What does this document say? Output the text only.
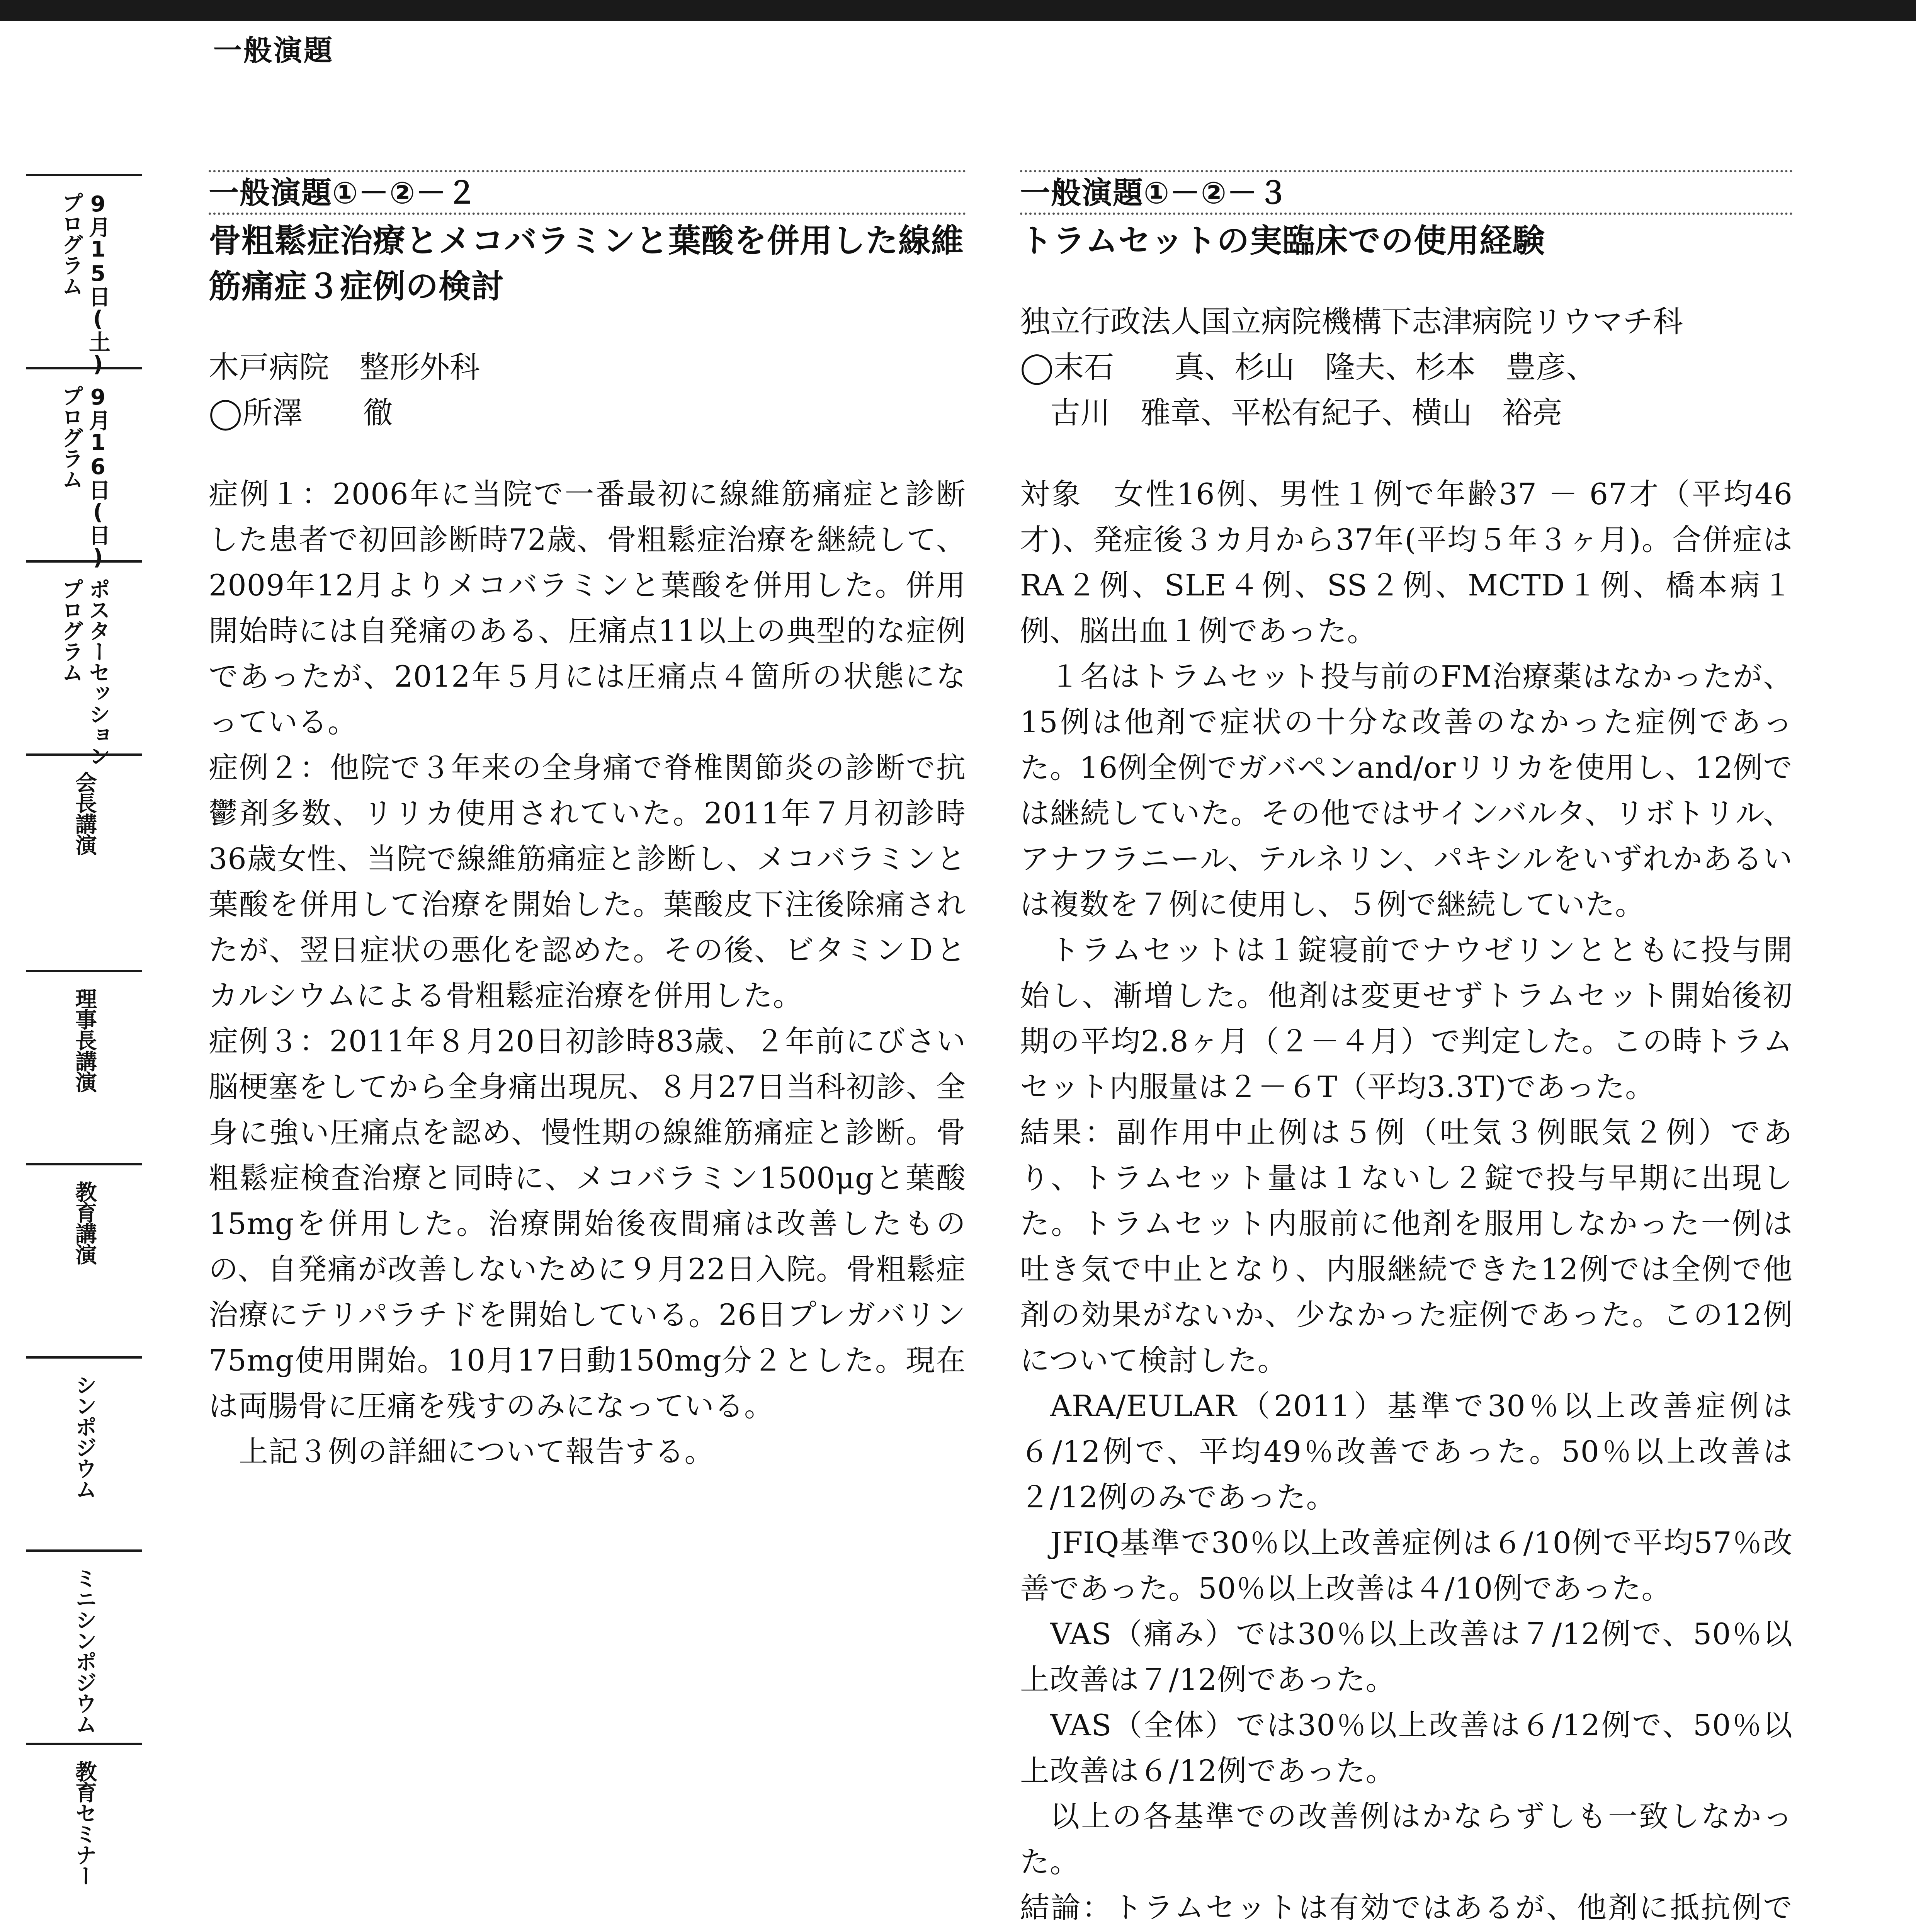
一般演題
9月15日(土)
プログラム
9月16日(日)
プログラム
ポスターセッション
プログラム
会長講演
理事長講演
教育講演
シンポジウム
ミニシンポジウム
教育セミナー
一般演題①－②－２
骨粗鬆症治療とメコバラミンと葉酸を併用した線維筋痛症３症例の検討
木戸病院　整形外科
◯所澤　　徹

症例１：2006年に当院で一番最初に線維筋痛症と診断した患者で初回診断時72歳、骨粗鬆症治療を継続して、2009年12月よりメコバラミンと葉酸を併用した。併用開始時には自発痛のある、圧痛点11以上の典型的な症例であったが、2012年５月には圧痛点４箇所の状態になっている。

症例２：他院で３年来の全身痛で脊椎関節炎の診断で抗鬱剤多数、リリカ使用されていた。2011年７月初診時36歳女性、当院で線維筋痛症と診断し、メコバラミンと葉酸を併用して治療を開始した。葉酸皮下注後除痛されたが、翌日症状の悪化を認めた。その後、ビタミンＤとカルシウムによる骨粗鬆症治療を併用した。

症例３：2011年８月20日初診時83歳、２年前にびさい脳梗塞をしてから全身痛出現尻、８月27日当科初診、全身に強い圧痛点を認め、慢性期の線維筋痛症と診断。骨粗鬆症検査治療と同時に、メコバラミン1500μgと葉酸15mgを併用した。治療開始後夜間痛は改善したものの、自発痛が改善しないために９月22日入院。骨粗鬆症治療にテリパラチドを開始している。26日プレガバリン75mg使用開始。10月17日動150mg分２とした。現在は両腸骨に圧痛を残すのみになっている。

上記３例の詳細について報告する。

一般演題①－②－３
トラムセットの実臨床での使用経験
独立行政法人国立病院機構下志津病院リウマチ科
◯末石　　真、杉山　隆夫、杉本　豊彦、
　古川　雅章、平松有紀子、横山　裕亮

対象　女性16例、男性１例で年齢37 － 67才（平均46才)、発症後３カ月から37年(平均５年３ヶ月)。合併症はRA２例、SLE４例、SS２例、MCTD１例、橋本病１例、脳出血１例であった。

１名はトラムセット投与前のFM治療薬はなかったが、15例は他剤で症状の十分な改善のなかった症例であった。16例全例でガバペンand/orリリカを使用し、12例では継続していた。その他ではサインバルタ、リボトリル、アナフラニール、テルネリン、パキシルをいずれかあるいは複数を７例に使用し、５例で継続していた。

トラムセットは１錠寝前でナウゼリンとともに投与開始し、漸増した。他剤は変更せずトラムセット開始後初期の平均2.8ヶ月（２－４月）で判定した。この時トラムセット内服量は２－６T（平均3.3T)であった。

結果：副作用中止例は５例（吐気３例眠気２例）であり、トラムセット量は１ないし２錠で投与早期に出現した。トラムセット内服前に他剤を服用しなかった一例は吐き気で中止となり、内服継続できた12例では全例で他剤の効果がないか、少なかった症例であった。この12例について検討した。

ARA/EULAR（2011）基準で30％以上改善症例は６/12例で、平均49％改善であった。50％以上改善は２/12例のみであった。

JFIQ基準で30％以上改善症例は６/10例で平均57％改善であった。50％以上改善は４/10例であった。

VAS（痛み）では30％以上改善は７/12例で、50％以上改善は７/12例であった。

VAS（全体）では30％以上改善は６/12例で、50％以上改善は６/12例であった。

以上の各基準での改善例はかならずしも一致しなかった。

結論：トラムセットは有効ではあるが、他剤に抵抗例で
